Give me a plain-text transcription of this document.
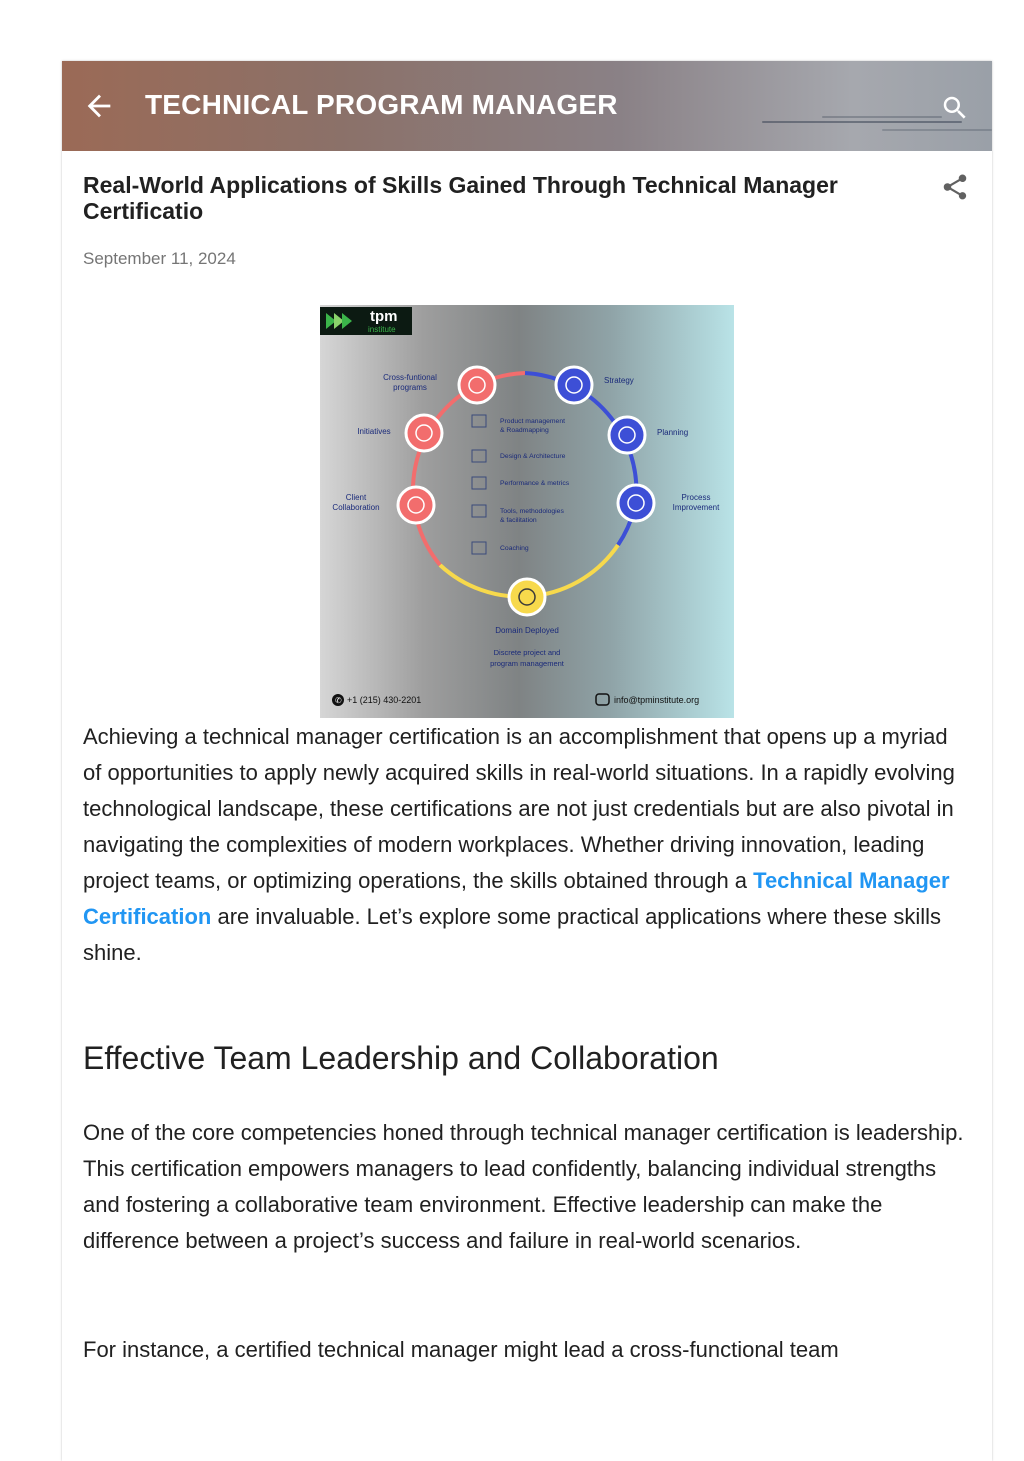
TECHNICAL PROGRAM MANAGER
Real-World Applications of Skills Gained Through Technical Manager Certificatio
September 11, 2024
tpm
institute
Cross-funtional
programs
Initiatives
Client
Collaboration
Strategy
Planning
Process
Improvement
Product management
& Roadmapping
Design & Architecture
Performance & metrics
Tools, methodologies
& facilitation
Coaching
Domain Deployed
Discrete project and
program management
✆ +1 (215) 430-2201	info@tpminstitute.org
Achieving a technical manager certification is an accomplishment that opens up a myriad of opportunities to apply newly acquired skills in real-world situations. In a rapidly evolving technological landscape, these certifications are not just credentials but are also pivotal in navigating the complexities of modern workplaces. Whether driving innovation, leading project teams, or optimizing operations, the skills obtained through a Technical Manager Certification are invaluable. Let’s explore some practical applications where these skills shine.
Effective Team Leadership and Collaboration
One of the core competencies honed through technical manager certification is leadership. This certification empowers managers to lead confidently, balancing individual strengths and fostering a collaborative team environment. Effective leadership can make the difference between a project’s success and failure in real-world scenarios.
For instance, a certified technical manager might lead a cross-functional team
